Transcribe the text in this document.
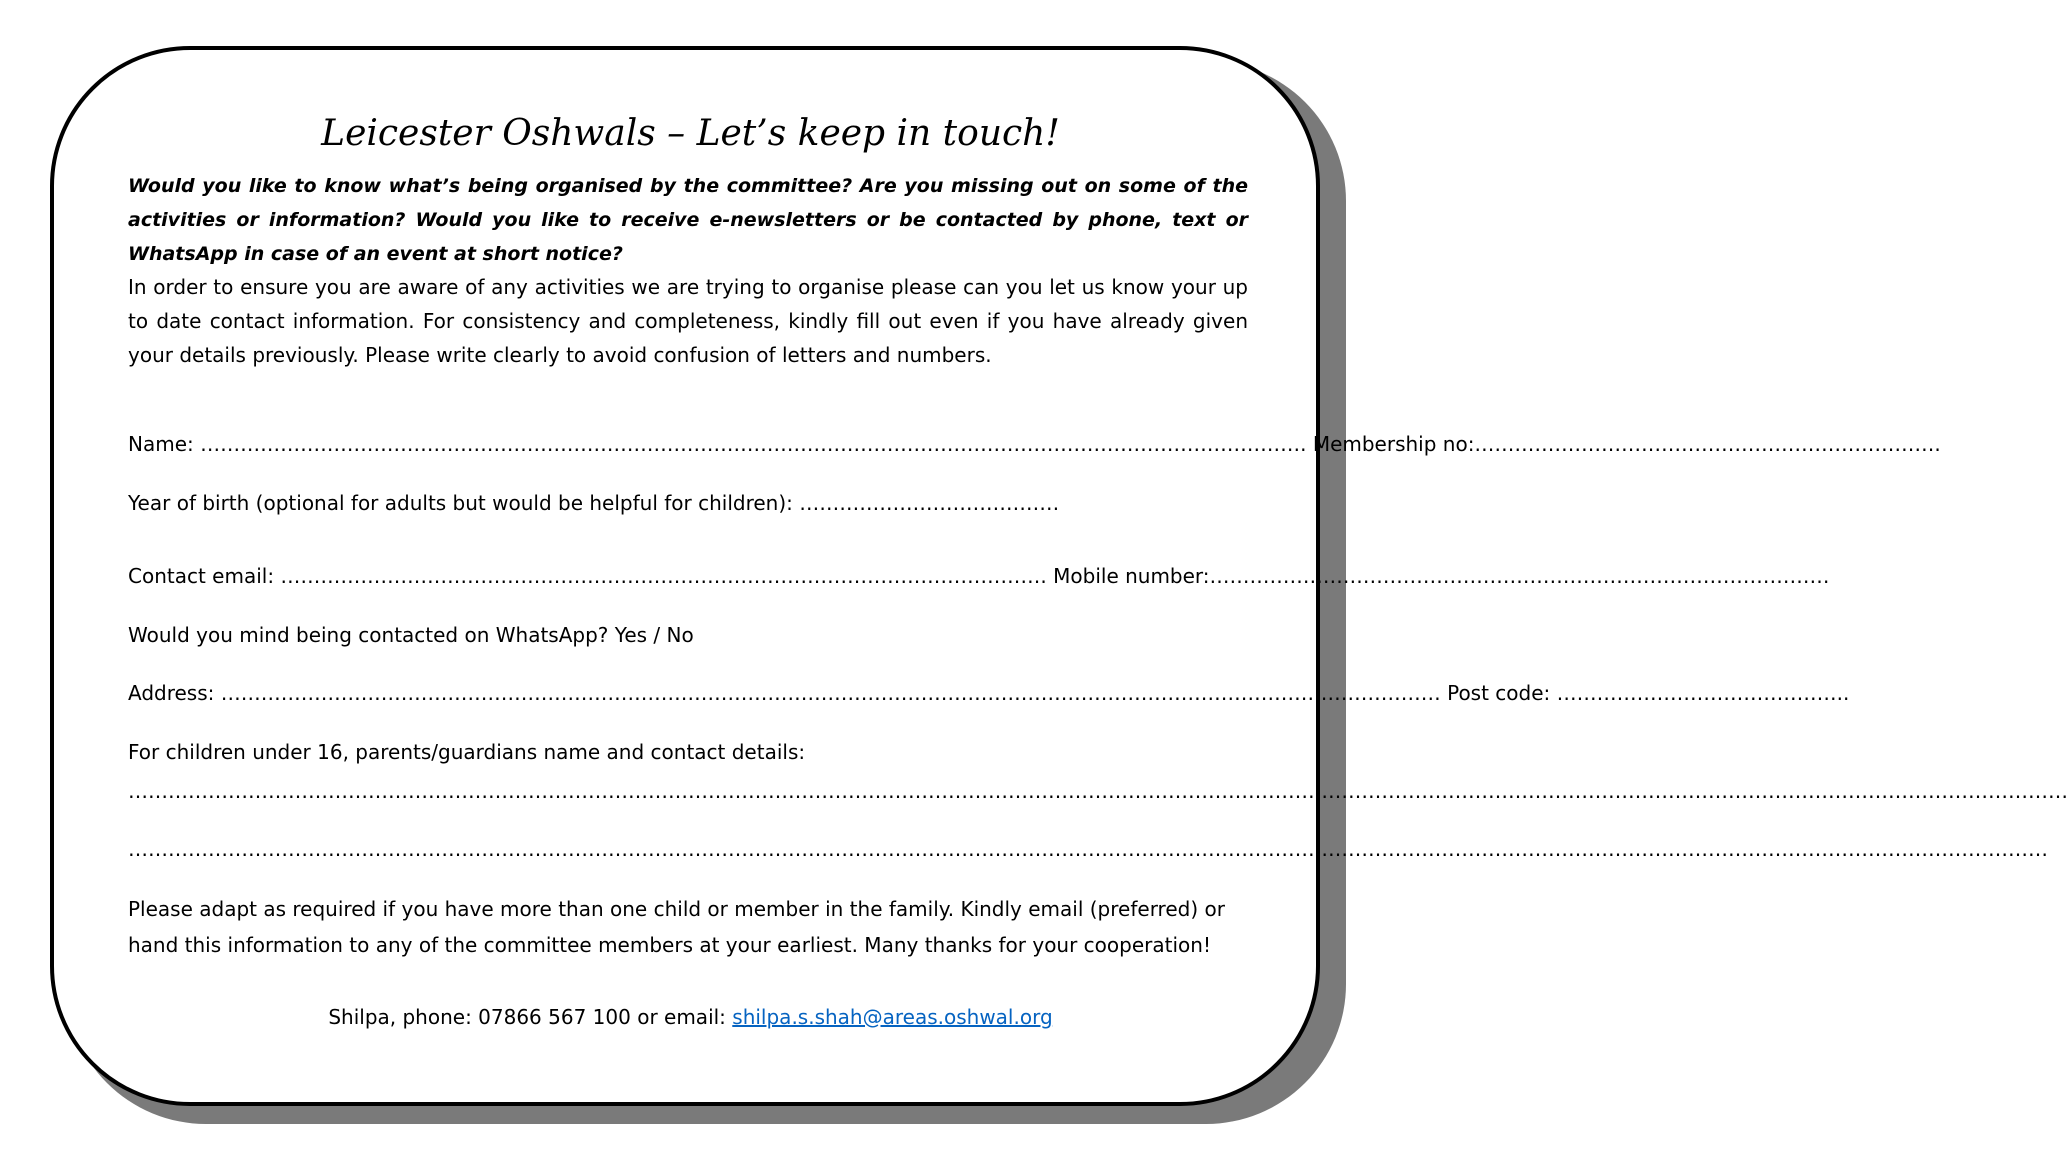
Leicester Oshwals – Let’s keep in touch!
Would you like to know what’s being organised by the committee? Are you missing out on some of the activities or information? Would you like to receive e-newsletters or be contacted by phone, text or WhatsApp in case of an event at short notice?
In order to ensure you are aware of any activities we are trying to organise please can you let us know your up to date contact information. For consistency and completeness, kindly fill out even if you have already given your details previously. Please write clearly to avoid confusion of letters and numbers.
Name: …………………………………………………………………………………………………………………………………………………. Membership no:…………………………………………………………….
Year of birth (optional for adults but would be helpful for children): …………………………………
Contact email: ……………………………………………………………………………………………………. Mobile number:…………………………………………………………………………………
Would you mind being contacted on WhatsApp? Yes / No
Address: ………………………………………………………………………………………………………………………………………………………………… Post code: ……………………………………..
For children under 16, parents/guardians name and contact details:
…………………………………………………………………………………………………………………………………………………………………………………………………………………………………………………………………
………………………………………………………………………………………………………………………………………………………………………………………………………………………………………………………………
Please adapt as required if you have more than one child or member in the family. Kindly email (preferred) or hand this information to any of the committee members at your earliest. Many thanks for your cooperation!
Shilpa, phone: 07866 567 100 or email: shilpa.s.shah@areas.oshwal.org
